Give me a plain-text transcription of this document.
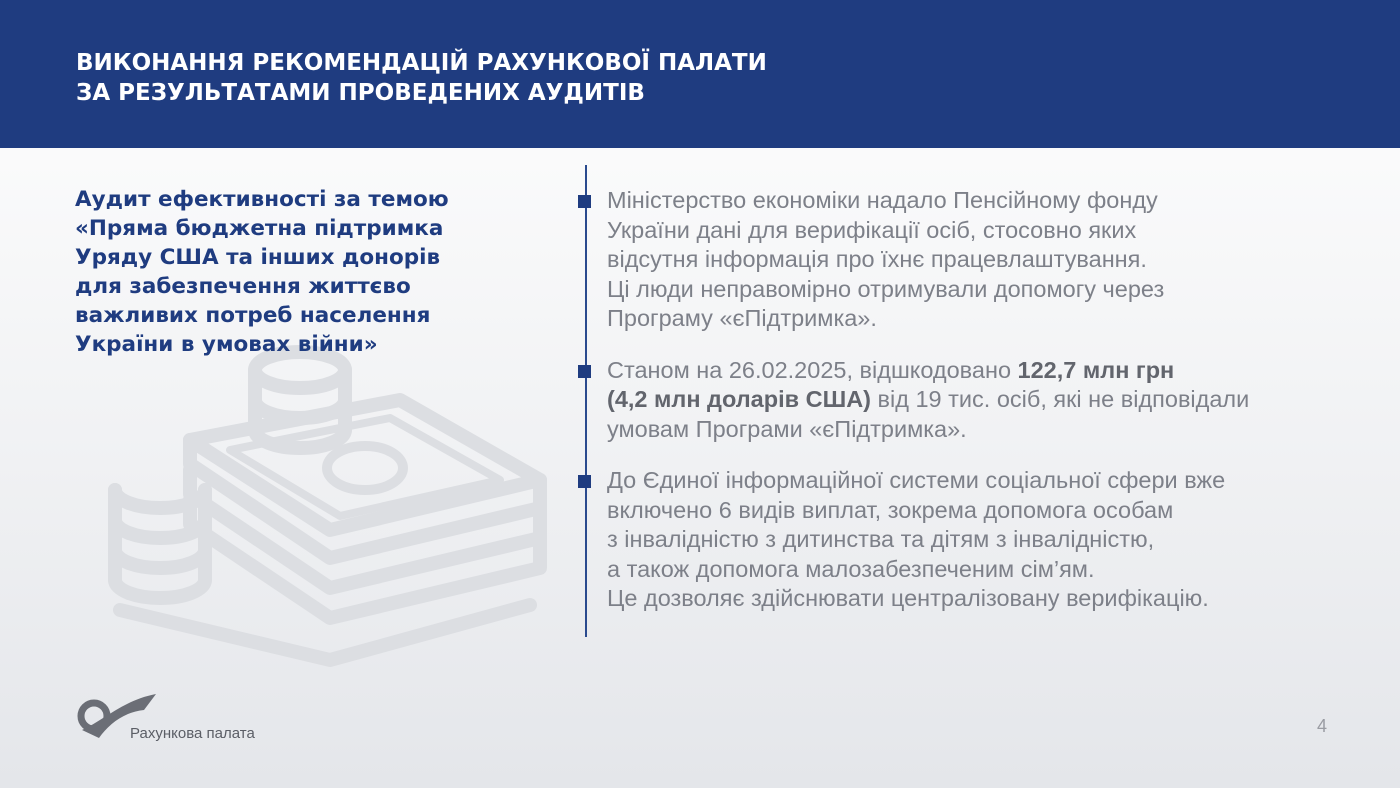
ВИКОНАННЯ РЕКОМЕНДАЦІЙ РАХУНКОВОЇ ПАЛАТИ
ЗА РЕЗУЛЬТАТАМИ ПРОВЕДЕНИХ АУДИТІВ
Аудит ефективності за темою
«Пряма бюджетна підтримка
Уряду США та інших донорів
для забезпечення життєво
важливих потреб населення
України в умовах війни»
Міністерство економіки надало Пенсійному фонду
України дані для верифікації осіб, стосовно яких
відсутня інформація про їхнє працевлаштування.
Ці люди неправомірно отримували допомогу через
Програму «єПідтримка».
Станом на 26.02.2025, відшкодовано 122,7 млн грн
(4,2 млн доларів США) від 19 тис. осіб, які не відповідали
умовам Програми «єПідтримка».
До Єдиної інформаційної системи соціальної сфери вже
включено 6 видів виплат, зокрема допомога особам
з інвалідністю з дитинства та дітям з інвалідністю,
а також допомога малозабезпеченим сім’ям.
Це дозволяє здійснювати централізовану верифікацію.
Рахункова палата	4
